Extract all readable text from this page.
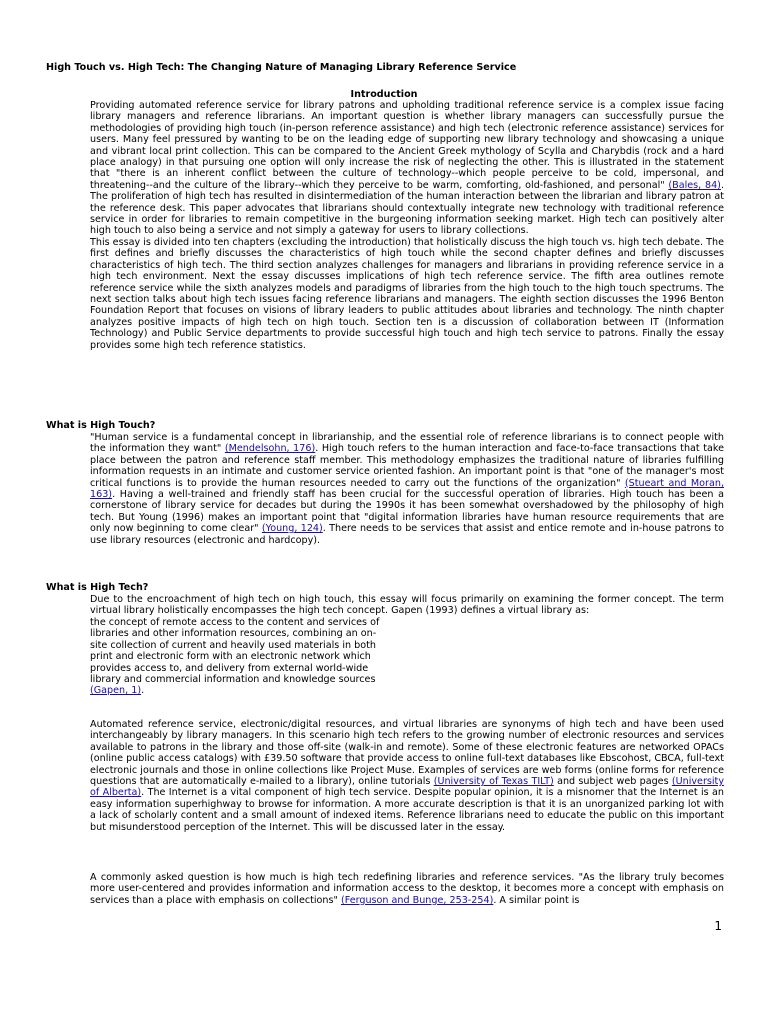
High Touch vs. High Tech: The Changing Nature of Managing Library Reference Service
Introduction

Providing automated reference service for library patrons and upholding traditional reference service is a complex issue facing library managers and reference librarians. An important question is whether library managers can successfully pursue the methodologies of providing high touch (in-person reference assistance) and high tech (electronic reference assistance) services for users. Many feel pressured by wanting to be on the leading edge of supporting new library technology and showcasing a unique and vibrant local print collection. This can be compared to the Ancient Greek mythology of Scylla and Charybdis (rock and a hard place analogy) in that pursuing one option will only increase the risk of neglecting the other. This is illustrated in the statement that "there is an inherent conflict between the culture of technology--which people perceive to be cold, impersonal, and threatening--and the culture of the library--which they perceive to be warm, comforting, old-fashioned, and personal" (Bales, 84). The proliferation of high tech has resulted in disintermediation of the human interaction between the librarian and library patron at the reference desk. This paper advocates that librarians should contextually integrate new technology with traditional reference service in order for libraries to remain competitive in the burgeoning information seeking market. High tech can positively alter high touch to also being a service and not simply a gateway for users to library collections.

This essay is divided into ten chapters (excluding the introduction) that holistically discuss the high touch vs. high tech debate. The first defines and briefly discusses the characteristics of high touch while the second chapter defines and briefly discusses characteristics of high tech. The third section analyzes challenges for managers and librarians in providing reference service in a high tech environment. Next the essay discusses implications of high tech reference service. The fifth area outlines remote reference service while the sixth analyzes models and paradigms of libraries from the high touch to the high touch spectrums. The next section talks about high tech issues facing reference librarians and managers. The eighth section discusses the 1996 Benton Foundation Report that focuses on visions of library leaders to public attitudes about libraries and technology. The ninth chapter analyzes positive impacts of high tech on high touch. Section ten is a discussion of collaboration between IT (Information Technology) and Public Service departments to provide successful high touch and high tech service to patrons. Finally the essay provides some high tech reference statistics.

What is High Touch?

"Human service is a fundamental concept in librarianship, and the essential role of reference librarians is to connect people with the information they want" (Mendelsohn, 176). High touch refers to the human interaction and face-to-face transactions that take place between the patron and reference staff member. This methodology emphasizes the traditional nature of libraries fulfilling information requests in an intimate and customer service oriented fashion. An important point is that "one of the manager's most critical functions is to provide the human resources needed to carry out the functions of the organization" (Stueart and Moran, 163). Having a well-trained and friendly staff has been crucial for the successful operation of libraries. High touch has been a cornerstone of library service for decades but during the 1990s it has been somewhat overshadowed by the philosophy of high tech. But Young (1996) makes an important point that "digital information libraries have human resource requirements that are only now beginning to come clear" (Young, 124). There needs to be services that assist and entice remote and in-house patrons to use library resources (electronic and hardcopy).

What is High Tech?

Due to the encroachment of high tech on high touch, this essay will focus primarily on examining the former concept. The term virtual library holistically encompasses the high tech concept. Gapen (1993) defines a virtual library as:

the concept of remote access to the content and services of libraries and other information resources, combining an on-site collection of current and heavily used materials in both print and electronic form with an electronic network which provides access to, and delivery from external world-wide library and commercial information and knowledge sources (Gapen, 1).

Automated reference service, electronic/digital resources, and virtual libraries are synonyms of high tech and have been used interchangeably by library managers. In this scenario high tech refers to the growing number of electronic resources and services available to patrons in the library and those off-site (walk-in and remote). Some of these electronic features are networked OPACs (online public access catalogs) with £39.50 software that provide access to online full-text databases like Ebscohost, CBCA, full-text electronic journals and those in online collections like Project Muse. Examples of services are web forms (online forms for reference questions that are automatically e-mailed to a library), online tutorials (University of Texas TILT) and subject web pages (University of Alberta). The Internet is a vital component of high tech service. Despite popular opinion, it is a misnomer that the Internet is an easy information superhighway to browse for information. A more accurate description is that it is an unorganized parking lot with a lack of scholarly content and a small amount of indexed items. Reference librarians need to educate the public on this important but misunderstood perception of the Internet. This will be discussed later in the essay.

A commonly asked question is how much is high tech redefining libraries and reference services. "As the library truly becomes more user-centered and provides information and information access to the desktop, it becomes more a concept with emphasis on services than a place with emphasis on collections" (Ferguson and Bunge, 253-254). A similar point is

1
